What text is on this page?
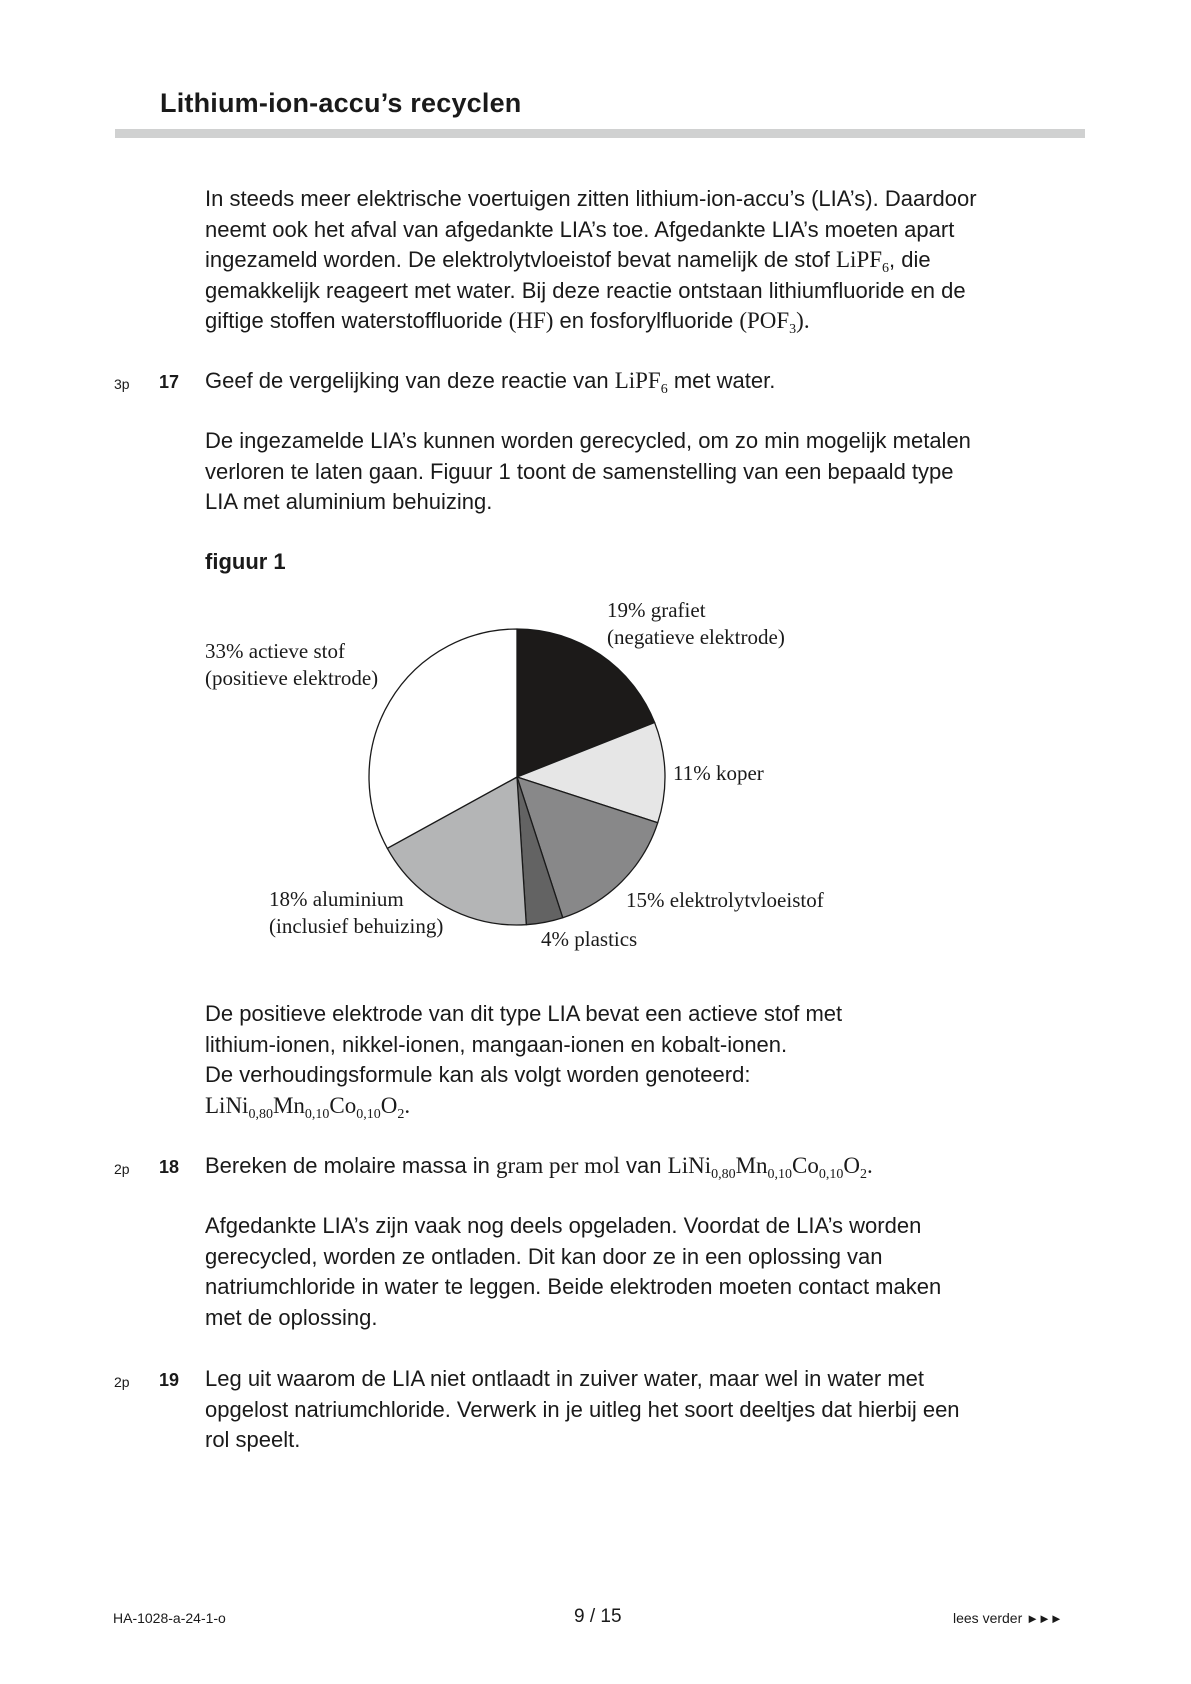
Lithium-ion-accu’s recyclen
In steeds meer elektrische voertuigen zitten lithium-ion-accu’s (LIA’s). Daardoor
neemt ook het afval van afgedankte LIA’s toe. Afgedankte LIA’s moeten apart
ingezameld worden. De elektrolytvloeistof bevat namelijk de stof LiPF$_6$, die
gemakkelijk reageert met water. Bij deze reactie ontstaan lithiumfluoride en de
giftige stoffen waterstoffluoride (HF) en fosforylfluoride $(POF_3)$.
3p 17 Geef de vergelijking van deze reactie van LiPF$_6$ met water.
De ingezamelde LIA’s kunnen worden gerecycled, om zo min mogelijk metalen
verloren te laten gaan. Figuur 1 toont de samenstelling van een bepaald type
LIA met aluminium behuizing.
figuur 1
19% grafiet (negatieve elektrode)
11% koper
15% elektrolytvloeistof
4% plastics
18% aluminium (inclusief behuizing)
33% actieve stof (positieve elektrode)
De positieve elektrode van dit type LIA bevat een actieve stof met
lithium-ionen, nikkel-ionen, mangaan-ionen en kobalt-ionen.
De verhoudingsformule kan als volgt worden genoteerd:
$LiNi_{0,80}Mn_{0,10}Co_{0,10}O_2$.
2p 18 Bereken de molaire massa in gram per mol van $LiNi_{0,80}Mn_{0,10}Co_{0,10}O_2$.
Afgedankte LIA’s zijn vaak nog deels opgeladen. Voordat de LIA’s worden
gerecycled, worden ze ontladen. Dit kan door ze in een oplossing van
natriumchloride in water te leggen. Beide elektroden moeten contact maken
met de oplossing.
2p 19 Leg uit waarom de LIA niet ontlaadt in zuiver water, maar wel in water met
opgelost natriumchloride. Verwerk in je uitleg het soort deeltjes dat hierbij een
rol speelt.
HA-1028-a-24-1-o	9 / 15	lees verder ►►►
